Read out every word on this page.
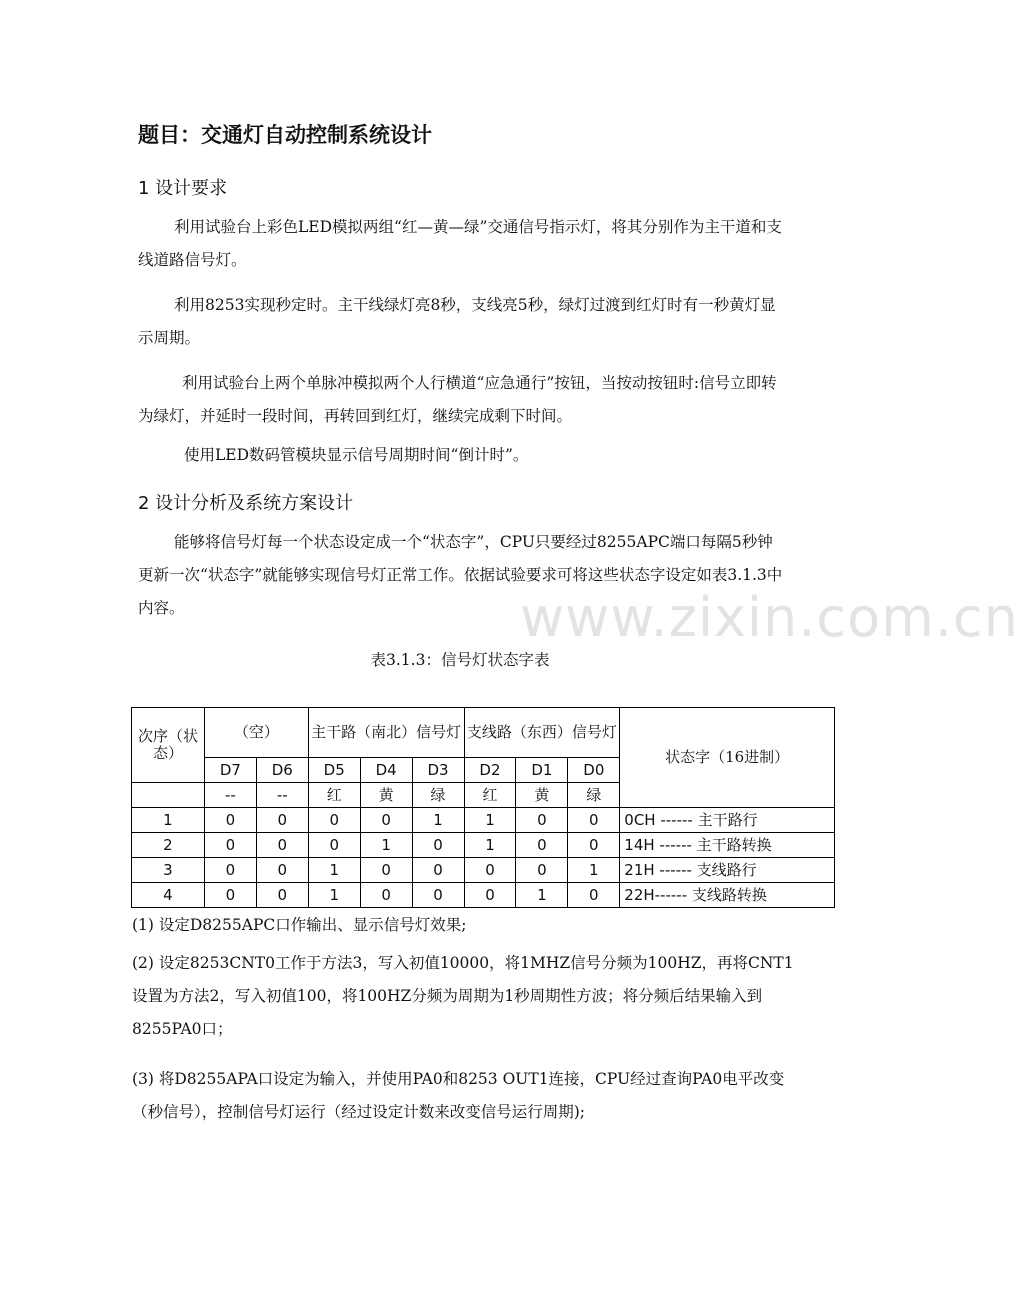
www.zixin.com.cn
题目：交通灯自动控制系统设计
1 设计要求

利用试验台上彩色LED模拟两组“红—黄—绿”交通信号指示灯，将其分别作为主干道和支线道路信号灯。

利用8253实现秒定时。主干线绿灯亮8秒，支线亮5秒，绿灯过渡到红灯时有一秒黄灯显示周期。

利用试验台上两个单脉冲模拟两个人行横道“应急通行”按钮，当按动按钮时:信号立即转为绿灯，并延时一段时间，再转回到红灯，继续完成剩下时间。

使用LED数码管模块显示信号周期时间“倒计时”。

2 设计分析及系统方案设计

能够将信号灯每一个状态设定成一个“状态字”，CPU只要经过8255APC端口每隔5秒钟更新一次“状态字”就能够实现信号灯正常工作。依据试验要求可将这些状态字设定如表3.1.3中内容。

表3.1.3：信号灯状态字表
次序（状态）	（空）		主干路（南北）信号灯			支线路（东西）信号灯			状态字（16进制）
	D7	D6	D5	D4	D3	D2	D1	D0	
	--	--	红	黄	绿	红	黄	绿	
1	0	0	0	0	1	1	0	0	0CH ------ 主干路行
2	0	0	0	1	0	1	0	0	14H ------ 主干路转换
3	0	0	1	0	0	0	0	1	21H ------ 支线路行
4	0	0	1	0	0	0	1	0	22H------ 支线路转换

(1) 设定D8255APC口作输出、显示信号灯效果;

(2) 设定8253CNT0工作于方法3，写入初值10000，将1MHZ信号分频为100HZ，再将CNT1设置为方法2，写入初值100，将100HZ分频为周期为1秒周期性方波；将分频后结果输入到8255PA0口；

(3) 将D8255APA口设定为输入，并使用PA0和8253 OUT1连接，CPU经过查询PA0电平改变（秒信号），控制信号灯运行（经过设定计数来改变信号运行周期);
